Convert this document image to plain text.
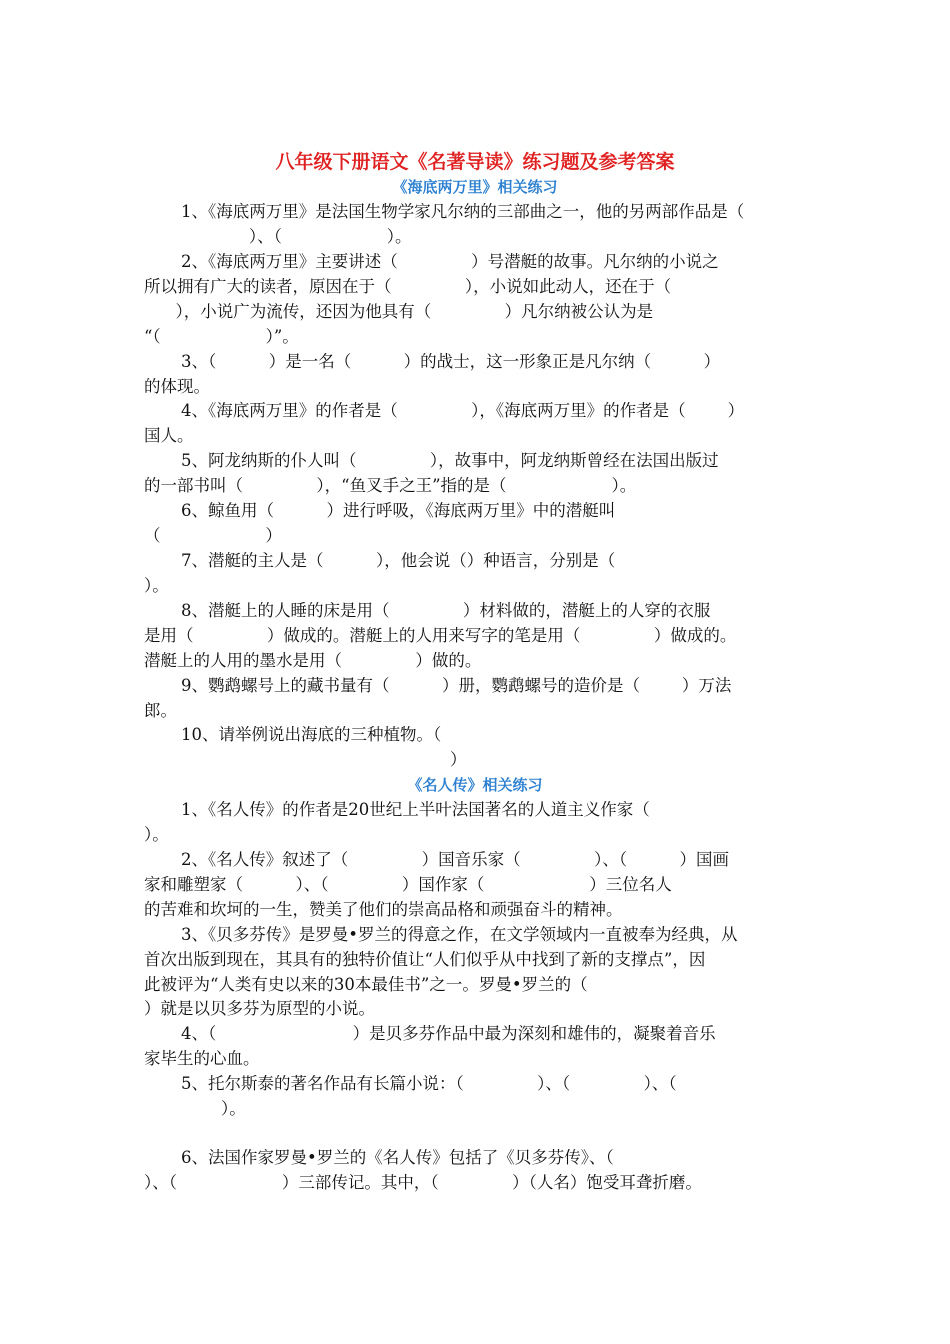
八年级下册语文《名著导读》练习题及参考答案
《海底两万里》相关练习
1、《海底两万里》是法国生物学家凡尔纳的三部曲之一，他的另两部作品是（
）、（                    ）。
2、《海底两万里》主要讲述（              ）号潜艇的故事。凡尔纳的小说之
所以拥有广大的读者，原因在于（              ），小说如此动人，还在于（
），小说广为流传，还因为他具有（              ）凡尔纳被公认为是
“（                    ）”。
3、（          ）是一名（          ）的战士，这一形象正是凡尔纳（          ）
的体现。
4、《海底两万里》的作者是（              ），《海底两万里》的作者是（        ）
国人。
5、阿龙纳斯的仆人叫（              ），故事中，阿龙纳斯曾经在法国出版过
的一部书叫（              ），“鱼叉手之王”指的是（                    ）。
6、鲸鱼用（          ）进行呼吸，《海底两万里》中的潜艇叫
（                    ）
7、潜艇的主人是（          ），他会说（）种语言，分别是（
）。
8、潜艇上的人睡的床是用（              ）材料做的，潜艇上的人穿的衣服
是用（              ）做成的。潜艇上的人用来写字的笔是用（              ）做成的。
潜艇上的人用的墨水是用（              ）做的。
9、鹦鹉螺号上的藏书量有（          ）册，鹦鹉螺号的造价是（        ）万法
郎。
10、请举例说出海底的三种植物。（
）
《名人传》相关练习
1、《名人传》的作者是20世纪上半叶法国著名的人道主义作家（
）。
2、《名人传》叙述了（              ）国音乐家（              ）、（          ）国画
家和雕塑家（          ）、（              ）国作家（                    ）三位名人
的苦难和坎坷的一生，赞美了他们的崇高品格和顽强奋斗的精神。
3、《贝多芬传》是罗曼•罗兰的得意之作，在文学领域内一直被奉为经典，从
首次出版到现在，其具有的独特价值让“人们似乎从中找到了新的支撑点”，因
此被评为“人类有史以来的30本最佳书”之一。罗曼•罗兰的（
）就是以贝多芬为原型的小说。
4、（                          ）是贝多芬作品中最为深刻和雄伟的，凝聚着音乐
家毕生的心血。
5、托尔斯泰的著名作品有长篇小说：（              ）、（              ）、（
）。
6、法国作家罗曼•罗兰的《名人传》包括了《贝多芬传》、（
）、（                    ）三部传记。其中，（              ）（人名）饱受耳聋折磨。
